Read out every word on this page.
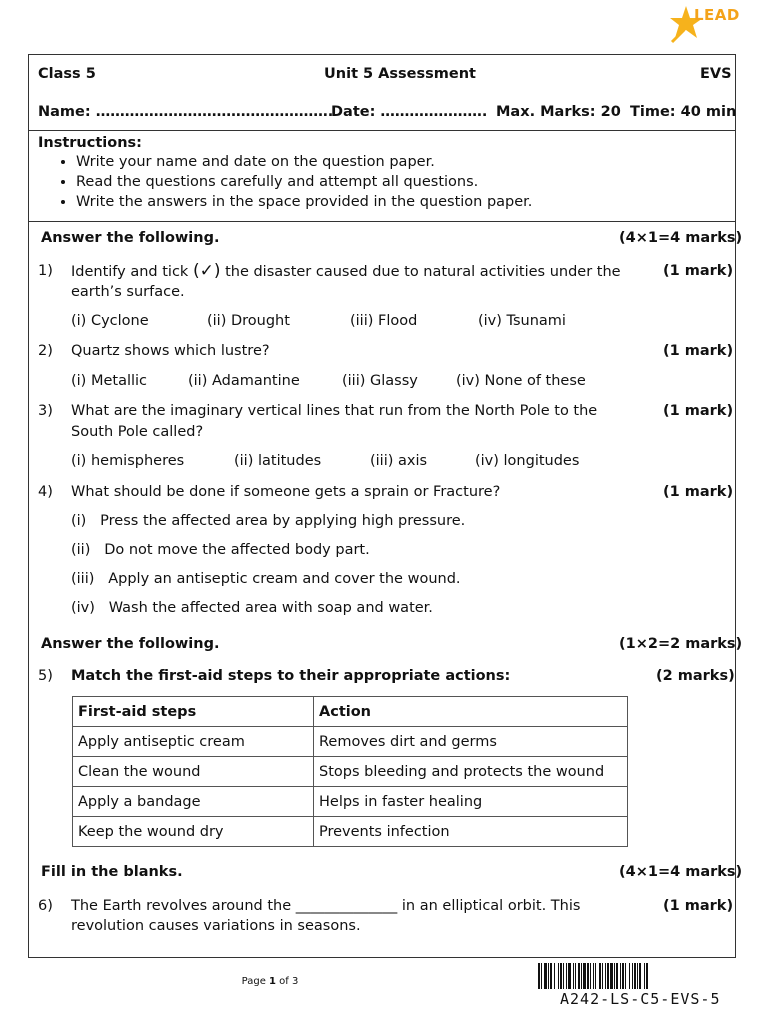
LEAD
Class 5	Unit 5 Assessment	EVS
Name: ………………………………………….
Date: …………………. Max. Marks: 20 Time: 40 min
Instructions:
• Write your name and date on the question paper.
• Read the questions carefully and attempt all questions.
• Write the answers in the space provided in the question paper.
Answer the following.	(4×1=4 marks)
1) Identify and tick (✓) the disaster caused due to natural activities under the
earth’s surface.
(1 mark)
(i) Cyclone	(ii) Drought	(iii) Flood	(iv) Tsunami
2) Quartz shows which lustre?	(1 mark)
(i) Metallic	(ii) Adamantine	(iii) Glassy	(iv) None of these
3) What are the imaginary vertical lines that run from the North Pole to the
South Pole called?
(1 mark)
(i) hemispheres	(ii) latitudes	(iii) axis	(iv) longitudes
4) What should be done if someone gets a sprain or Fracture?	(1 mark)
(i)   Press the affected area by applying high pressure.
(ii)   Do not move the affected body part.
(iii)   Apply an antiseptic cream and cover the wound.
(iv)   Wash the affected area with soap and water.
Answer the following.	(1×2=2 marks)
5) Match the first-aid steps to their appropriate actions:	(2 marks)
First-aid steps	Action
Apply antiseptic cream	Removes dirt and germs
Clean the wound	Stops bleeding and protects the wound
Apply a bandage	Helps in faster healing
Keep the wound dry	Prevents infection
Fill in the blanks.	(4×1=4 marks)
6) The Earth revolves around the ______________ in an elliptical orbit. This
revolution causes variations in seasons.
(1 mark)
Page 1 of 3
A242-LS-C5-EVS-5
